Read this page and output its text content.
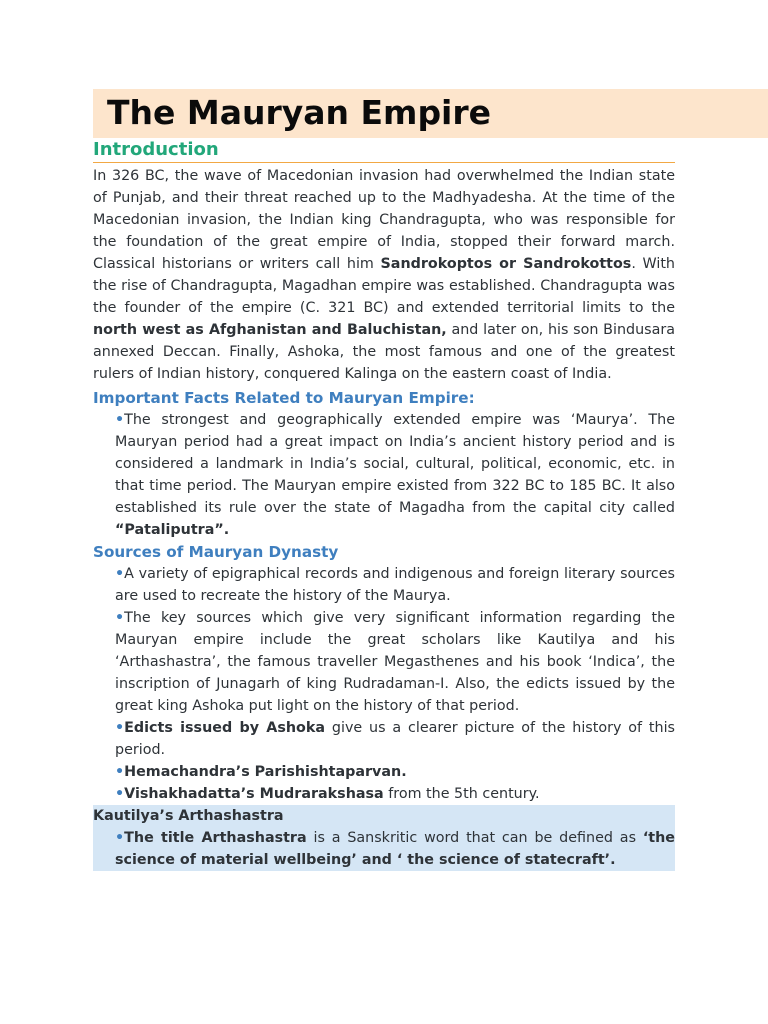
The Mauryan Empire
Introduction

In 326 BC, the wave of Macedonian invasion had overwhelmed the Indian state of Punjab, and their threat reached up to the Madhyadesha. At the time of the Macedonian invasion, the Indian king Chandragupta, who was responsible for the foundation of the great empire of India, stopped their forward march. Classical historians or writers call him Sandrokoptos or Sandrokottos. With the rise of Chandragupta, Magadhan empire was established. Chandragupta was the founder of the empire (C. 321 BC) and extended territorial limits to the north west as Afghanistan and Baluchistan, and later on, his son Bindusara annexed Deccan. Finally, Ashoka, the most famous and one of the greatest rulers of Indian history, conquered Kalinga on the eastern coast of India.

Important Facts Related to Mauryan Empire:
•The strongest and geographically extended empire was ‘Maurya’. The Mauryan period had a great impact on India’s ancient history period and is considered a landmark in India’s social, cultural, political, economic, etc. in that time period. The Mauryan empire existed from 322 BC to 185 BC. It also established its rule over the state of Magadha from the capital city called “Pataliputra”.
Sources of Mauryan Dynasty
•A variety of epigraphical records and indigenous and foreign literary sources are used to recreate the history of the Maurya.
•The key sources which give very significant information regarding the Mauryan empire include the great scholars like Kautilya and his ‘Arthashastra’, the famous traveller Megasthenes and his book ‘Indica’, the inscription of Junagarh of king Rudradaman-I. Also, the edicts issued by the great king Ashoka put light on the history of that period.
•Edicts issued by Ashoka give us a clearer picture of the history of this period.
•Hemachandra’s Parishishtaparvan.
•Vishakhadatta’s Mudrarakshasa from the 5th century.
Kautilya’s Arthashastra
•The title Arthashastra is a Sanskritic word that can be defined as ‘the science of material wellbeing’ and ‘ the science of statecraft’.
